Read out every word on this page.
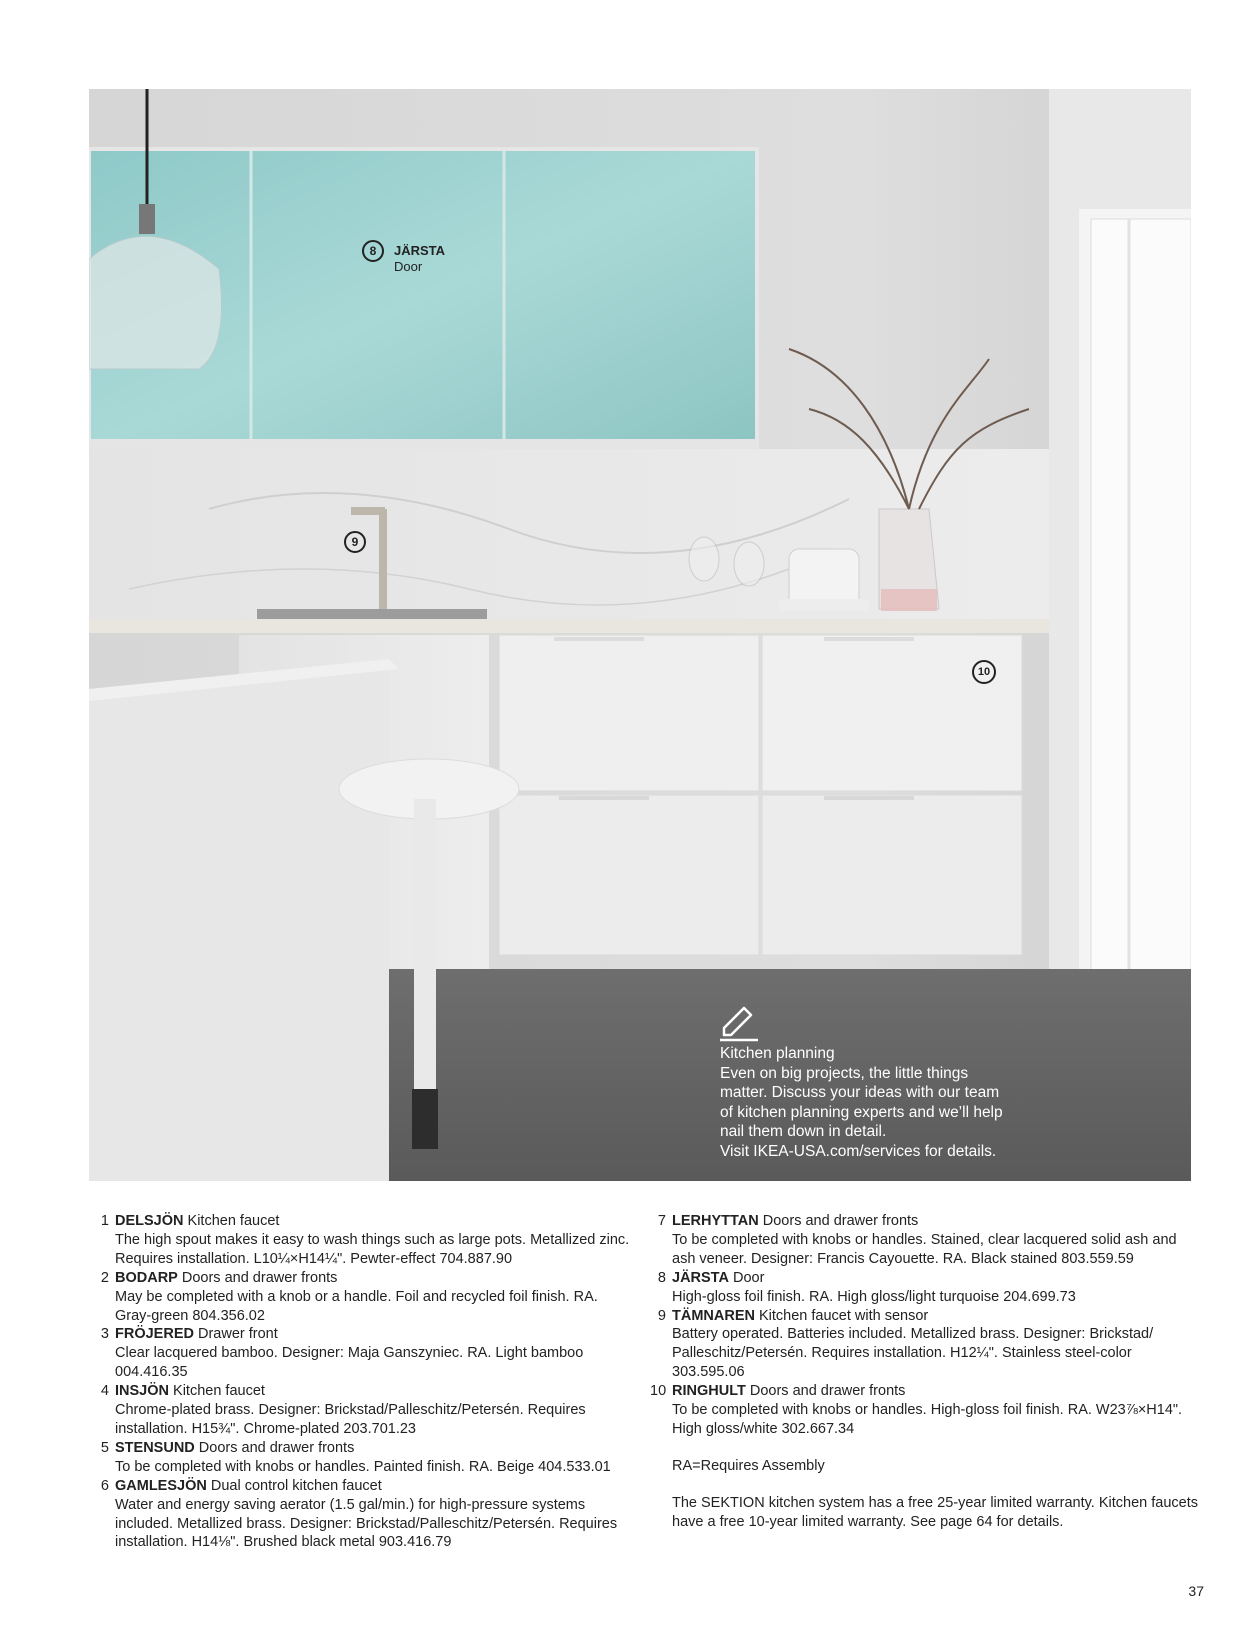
8	JÄRSTA
Door
9
10
Kitchen planning
Even on big projects, the little things
matter. Discuss your ideas with our team
of kitchen planning experts and we’ll help
nail them down in detail.
Visit IKEA-USA.com/services for details.
1 DELSJÖN Kitchen faucet
The high spout makes it easy to wash things such as large pots. Metallized zinc.
Requires installation. L10¼×H14¼". Pewter-effect 704.887.90
2 BODARP Doors and drawer fronts
May be completed with a knob or a handle. Foil and recycled foil finish. RA.
Gray-green 804.356.02
3 FRÖJERED Drawer front
Clear lacquered bamboo. Designer: Maja Ganszyniec. RA. Light bamboo
004.416.35
4 INSJÖN Kitchen faucet
Chrome-plated brass. Designer: Brickstad/Palleschitz/Petersén. Requires
installation. H15¾". Chrome-plated 203.701.23
5 STENSUND Doors and drawer fronts
To be completed with knobs or handles. Painted finish. RA. Beige 404.533.01
6 GAMLESJÖN Dual control kitchen faucet
Water and energy saving aerator (1.5 gal/min.) for high-pressure systems
included. Metallized brass. Designer: Brickstad/Palleschitz/Petersén. Requires
installation. H14⅛". Brushed black metal 903.416.79
7 LERHYTTAN Doors and drawer fronts
To be completed with knobs or handles. Stained, clear lacquered solid ash and
ash veneer. Designer: Francis Cayouette. RA. Black stained 803.559.59
8 JÄRSTA Door
High-gloss foil finish. RA. High gloss/light turquoise 204.699.73
9 TÄMNAREN Kitchen faucet with sensor
Battery operated. Batteries included. Metallized brass. Designer: Brickstad/
Palleschitz/Petersén. Requires installation. H12¼". Stainless steel-color
303.595.06
10 RINGHULT Doors and drawer fronts
To be completed with knobs or handles. High-gloss foil finish. RA. W23⅞×H14".
High gloss/white 302.667.34
RA=Requires Assembly
The SEKTION kitchen system has a free 25-year limited warranty. Kitchen faucets
have a free 10-year limited warranty. See page 64 for details.
37
